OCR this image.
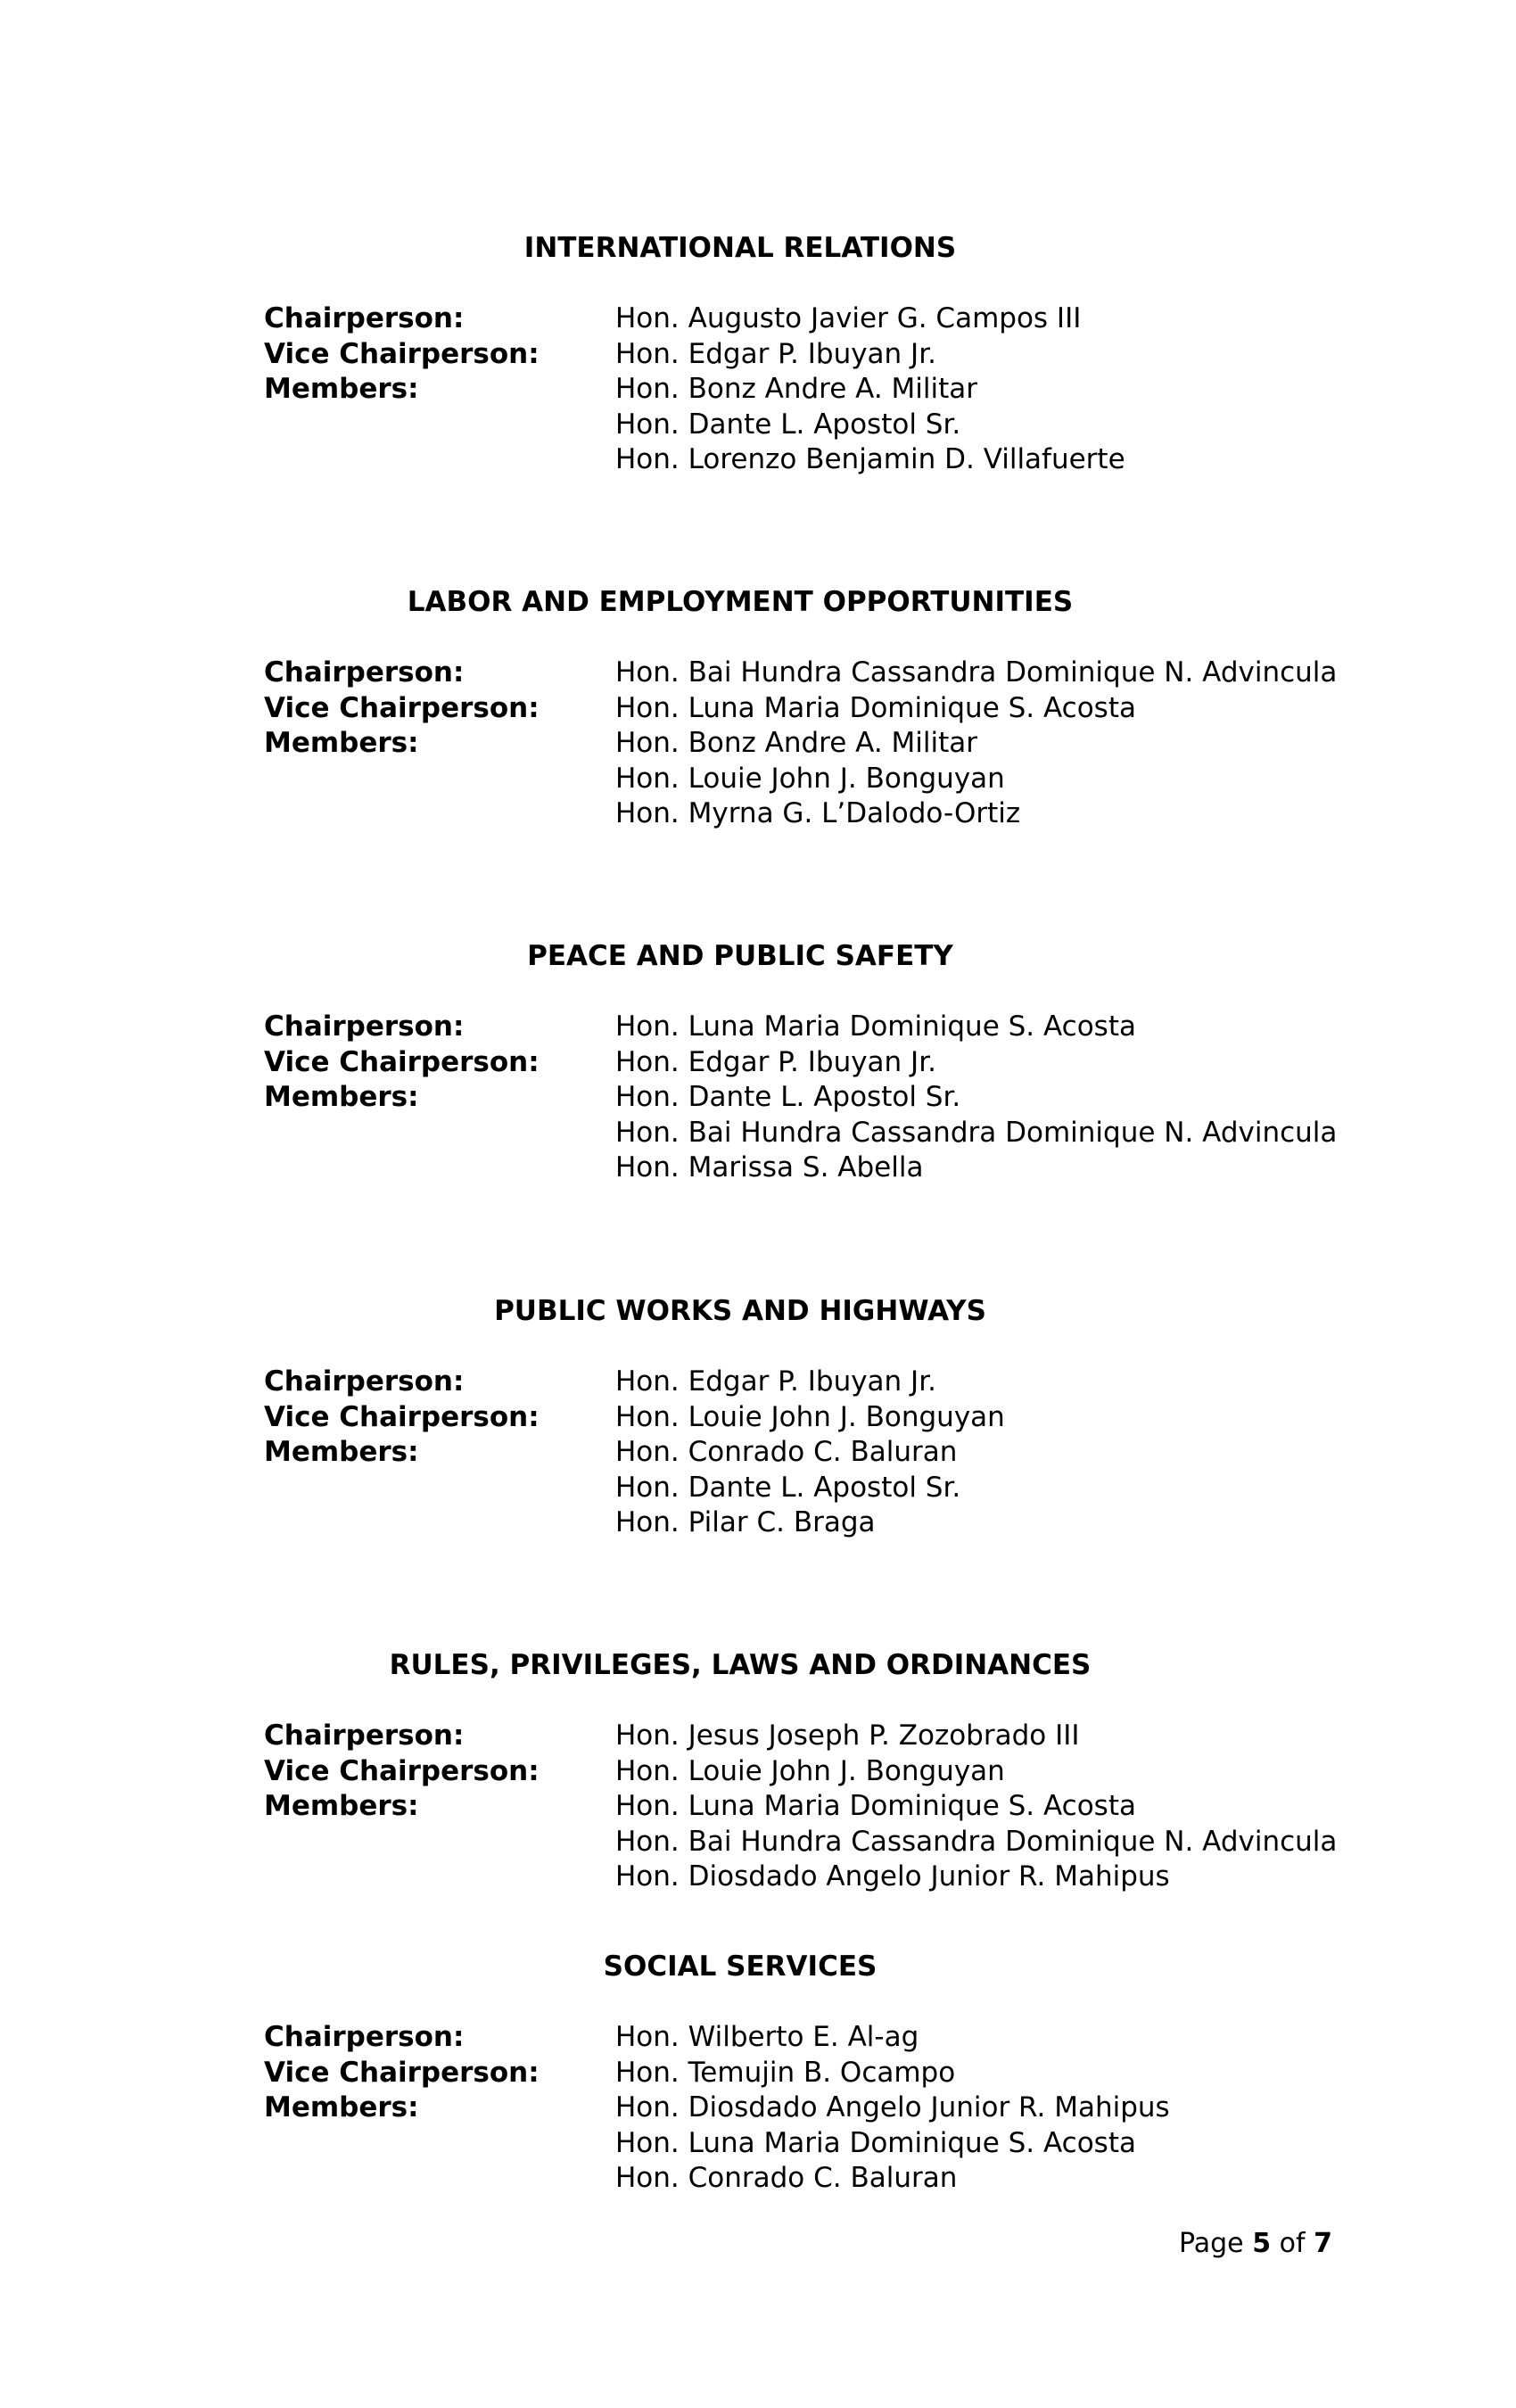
INTERNATIONAL RELATIONS
Chairperson:	Hon. Augusto Javier G. Campos III
Vice Chairperson:	Hon. Edgar P. Ibuyan Jr.
Members:	Hon. Bonz Andre A. Militar
Hon. Dante L. Apostol Sr.
Hon. Lorenzo Benjamin D. Villafuerte
LABOR AND EMPLOYMENT OPPORTUNITIES
Chairperson:	Hon. Bai Hundra Cassandra Dominique N. Advincula
Vice Chairperson:	Hon. Luna Maria Dominique S. Acosta
Members:	Hon. Bonz Andre A. Militar
Hon. Louie John J. Bonguyan
Hon. Myrna G. L’Dalodo-Ortiz
PEACE AND PUBLIC SAFETY
Chairperson:	Hon. Luna Maria Dominique S. Acosta
Vice Chairperson:	Hon. Edgar P. Ibuyan Jr.
Members:	Hon. Dante L. Apostol Sr.
Hon. Bai Hundra Cassandra Dominique N. Advincula
Hon. Marissa S. Abella
PUBLIC WORKS AND HIGHWAYS
Chairperson:	Hon. Edgar P. Ibuyan Jr.
Vice Chairperson:	Hon. Louie John J. Bonguyan
Members:	Hon. Conrado C. Baluran
Hon. Dante L. Apostol Sr.
Hon. Pilar C. Braga
RULES, PRIVILEGES, LAWS AND ORDINANCES
Chairperson:	Hon. Jesus Joseph P. Zozobrado III
Vice Chairperson:	Hon. Louie John J. Bonguyan
Members:	Hon. Luna Maria Dominique S. Acosta
Hon. Bai Hundra Cassandra Dominique N. Advincula
Hon. Diosdado Angelo Junior R. Mahipus
SOCIAL SERVICES
Chairperson:	Hon. Wilberto E. Al-ag
Vice Chairperson:	Hon. Temujin B. Ocampo
Members:	Hon. Diosdado Angelo Junior R. Mahipus
Hon. Luna Maria Dominique S. Acosta
Hon. Conrado C. Baluran
Page 5 of 7
